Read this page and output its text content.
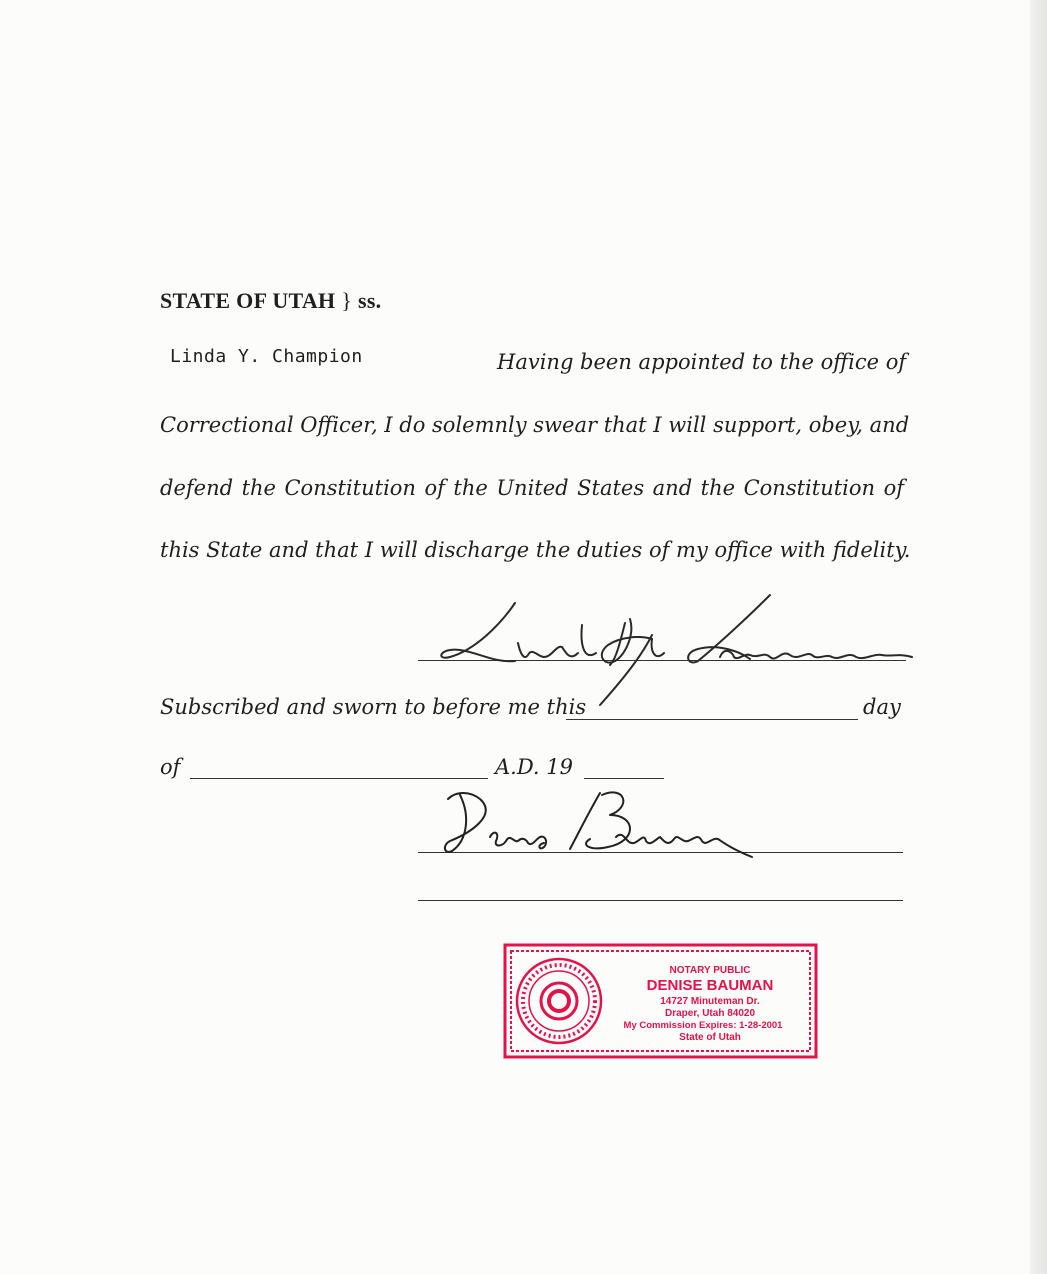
STATE OF UTAH } ss.
Linda Y. Champion	Having been appointed to the office of
Correctional Officer, I do solemnly swear that I will support, obey, and
defend the Constitution of the United States and the Constitution of
this State and that I will discharge the duties of my office with fidelity.
Subscribed and sworn to before me this	day
of	A.D. 19
NOTARY PUBLIC
DENISE BAUMAN
14727 Minuteman Dr.
Draper, Utah 84020
My Commission Expires: 1-28-2001
State of Utah
